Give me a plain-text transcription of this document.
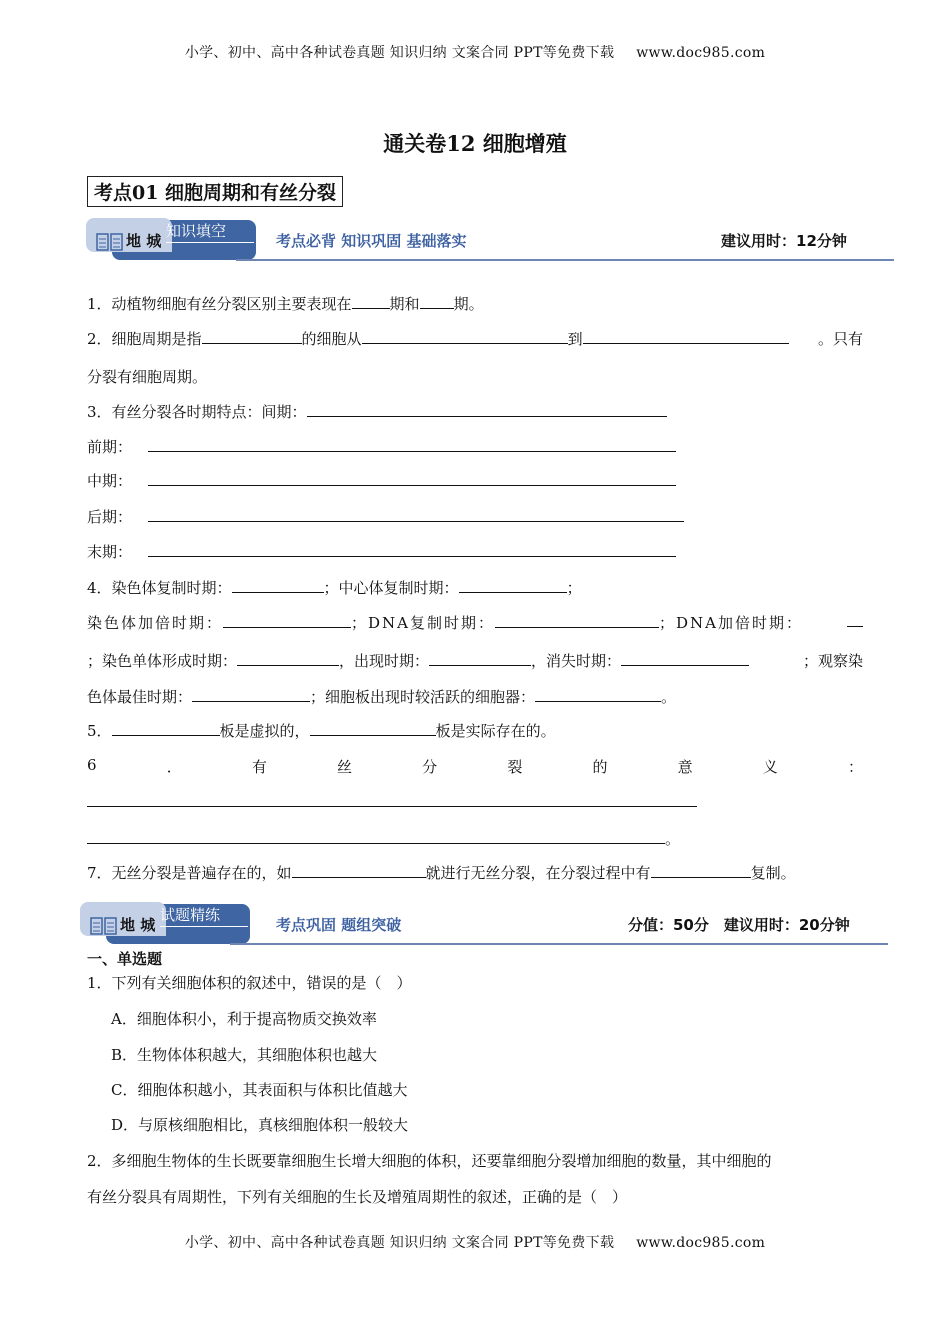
小学、初中、高中各种试卷真题 知识归纳 文案合同 PPT等免费下载 www.doc985.com
通关卷12 细胞增殖
考点01 细胞周期和有丝分裂
地 城
知识填空
考点必背 知识巩固 基础落实	建议用时：12分钟
1．动植物细胞有丝分裂区别主要表现在	期和 期。
2．细胞周期是指	的细胞从	到	。只有
分裂有细胞周期。
3．有丝分裂各时期特点：间期：
前期：
中期：
后期：
末期：
4．染色体复制时期：	；中心体复制时期：	；
染色体加倍时期：	；DNA复制时期：	；DNA加倍时期：
；染色单体形成时期：	，出现时期：	，消失时期：	；观察染
色体最佳时期：	；细胞板出现时较活跃的细胞器：	。
5．	板是虚拟的，	板是实际存在的。
6	．	有	丝	分	裂	的	意	义	：
。
7．无丝分裂是普遍存在的，如	就进行无丝分裂，在分裂过程中有	复制。
地 城
试题精练
考点巩固 题组突破	分值：50分　建议用时：20分钟
一、单选题
1．下列有关细胞体积的叙述中，错误的是（　）
A．细胞体积小，利于提高物质交换效率
B．生物体体积越大，其细胞体积也越大
C．细胞体积越小，其表面积与体积比值越大
D．与原核细胞相比，真核细胞体积一般较大
2．多细胞生物体的生长既要靠细胞生长增大细胞的体积，还要靠细胞分裂增加细胞的数量，其中细胞的
有丝分裂具有周期性，下列有关细胞的生长及增殖周期性的叙述，正确的是（　）
小学、初中、高中各种试卷真题 知识归纳 文案合同 PPT等免费下载 www.doc985.com
